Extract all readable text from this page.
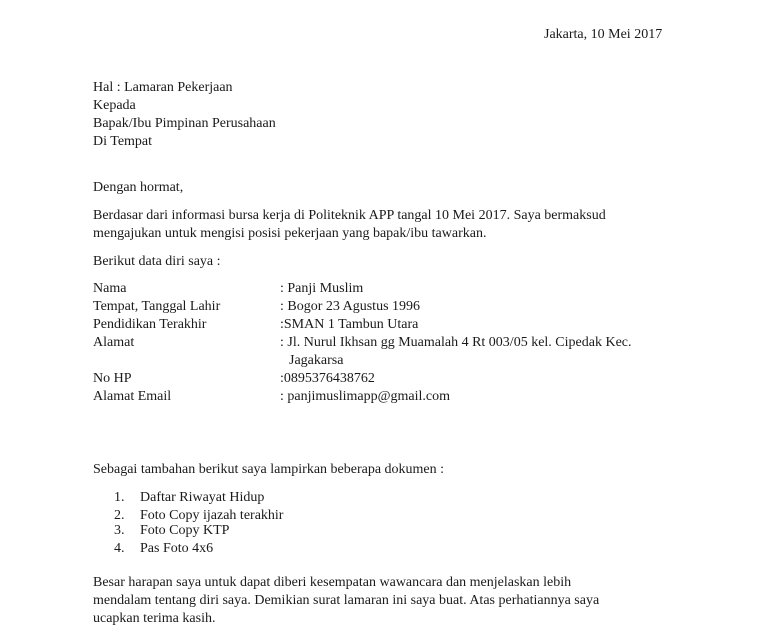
Jakarta, 10 Mei 2017
Hal : Lamaran Pekerjaan
Kepada
Bapak/Ibu Pimpinan Perusahaan
Di Tempat
Dengan hormat,
Berdasar dari informasi bursa kerja di Politeknik APP tangal 10 Mei 2017. Saya bermaksud
mengajukan untuk mengisi posisi pekerjaan yang bapak/ibu tawarkan.
Berikut data diri saya :
Nama	: Panji Muslim
Tempat, Tanggal Lahir	: Bogor 23 Agustus 1996
Pendidikan Terakhir	:SMAN 1 Tambun Utara
Alamat	: Jl. Nurul Ikhsan gg Muamalah 4 Rt 003/05 kel. Cipedak Kec.
Jagakarsa
No HP	:0895376438762
Alamat Email	: panjimuslimapp@gmail.com
Sebagai tambahan berikut saya lampirkan beberapa dokumen :
1. Daftar Riwayat Hidup
2. Foto Copy ijazah terakhir
3. Foto Copy KTP
4. Pas Foto 4x6
Besar harapan saya untuk dapat diberi kesempatan wawancara dan menjelaskan lebih
mendalam tentang diri saya. Demikian surat lamaran ini saya buat. Atas perhatiannya saya
ucapkan terima kasih.
